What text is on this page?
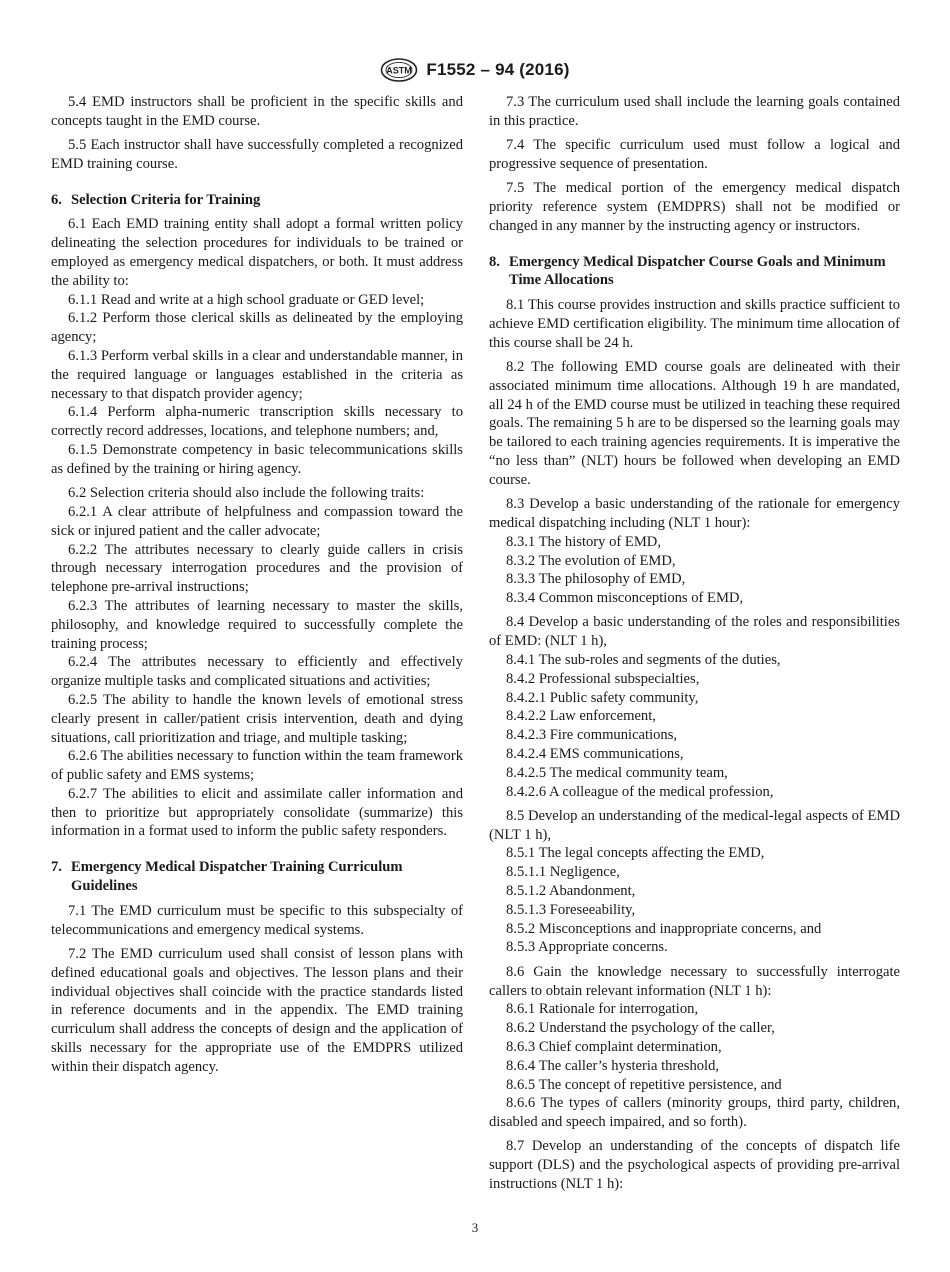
ASTM F1552 – 94 (2016)

5.4 EMD instructors shall be proficient in the specific skills and concepts taught in the EMD course.

5.5 Each instructor shall have successfully completed a recognized EMD training course.

6. Selection Criteria for Training

6.1 Each EMD training entity shall adopt a formal written policy delineating the selection procedures for individuals to be trained or employed as emergency medical dispatchers, or both. It must address the ability to:

6.1.1 Read and write at a high school graduate or GED level;

6.1.2 Perform those clerical skills as delineated by the employing agency;

6.1.3 Perform verbal skills in a clear and understandable manner, in the required language or languages established in the criteria as necessary to that dispatch provider agency;

6.1.4 Perform alpha-numeric transcription skills necessary to correctly record addresses, locations, and telephone numbers; and,

6.1.5 Demonstrate competency in basic telecommunications skills as defined by the training or hiring agency.

6.2 Selection criteria should also include the following traits:

6.2.1 A clear attribute of helpfulness and compassion toward the sick or injured patient and the caller advocate;

6.2.2 The attributes necessary to clearly guide callers in crisis through necessary interrogation procedures and the provision of telephone pre-arrival instructions;

6.2.3 The attributes of learning necessary to master the skills, philosophy, and knowledge required to successfully complete the training process;

6.2.4 The attributes necessary to efficiently and effectively organize multiple tasks and complicated situations and activities;

6.2.5 The ability to handle the known levels of emotional stress clearly present in caller/patient crisis intervention, death and dying situations, call prioritization and triage, and multiple tasking;

6.2.6 The abilities necessary to function within the team framework of public safety and EMS systems;

6.2.7 The abilities to elicit and assimilate caller information and then to prioritize but appropriately consolidate (summarize) this information in a format used to inform the public safety responders.

7. Emergency Medical Dispatcher Training Curriculum Guidelines

7.1 The EMD curriculum must be specific to this subspecialty of telecommunications and emergency medical systems.

7.2 The EMD curriculum used shall consist of lesson plans with defined educational goals and objectives. The lesson plans and their individual objectives shall coincide with the practice standards listed in reference documents and in the appendix. The EMD training curriculum shall address the concepts of design and the application of skills necessary for the appropriate use of the EMDPRS utilized within their dispatch agency.

7.3 The curriculum used shall include the learning goals contained in this practice.

7.4 The specific curriculum used must follow a logical and progressive sequence of presentation.

7.5 The medical portion of the emergency medical dispatch priority reference system (EMDPRS) shall not be modified or changed in any manner by the instructing agency or instructors.

8. Emergency Medical Dispatcher Course Goals and Minimum Time Allocations

8.1 This course provides instruction and skills practice sufficient to achieve EMD certification eligibility. The minimum time allocation of this course shall be 24 h.

8.2 The following EMD course goals are delineated with their associated minimum time allocations. Although 19 h are mandated, all 24 h of the EMD course must be utilized in teaching these required goals. The remaining 5 h are to be dispersed so the learning goals may be tailored to each training agencies requirements. It is imperative the “no less than” (NLT) hours be followed when developing an EMD course.

8.3 Develop a basic understanding of the rationale for emergency medical dispatching including (NLT 1 hour):

8.3.1 The history of EMD,

8.3.2 The evolution of EMD,

8.3.3 The philosophy of EMD,

8.3.4 Common misconceptions of EMD,

8.4 Develop a basic understanding of the roles and responsibilities of EMD: (NLT 1 h),

8.4.1 The sub-roles and segments of the duties,

8.4.2 Professional subspecialties,

8.4.2.1 Public safety community,

8.4.2.2 Law enforcement,

8.4.2.3 Fire communications,

8.4.2.4 EMS communications,

8.4.2.5 The medical community team,

8.4.2.6 A colleague of the medical profession,

8.5 Develop an understanding of the medical-legal aspects of EMD (NLT 1 h),

8.5.1 The legal concepts affecting the EMD,

8.5.1.1 Negligence,

8.5.1.2 Abandonment,

8.5.1.3 Foreseeability,

8.5.2 Misconceptions and inappropriate concerns, and

8.5.3 Appropriate concerns.

8.6 Gain the knowledge necessary to successfully interrogate callers to obtain relevant information (NLT 1 h):

8.6.1 Rationale for interrogation,

8.6.2 Understand the psychology of the caller,

8.6.3 Chief complaint determination,

8.6.4 The caller’s hysteria threshold,

8.6.5 The concept of repetitive persistence, and

8.6.6 The types of callers (minority groups, third party, children, disabled and speech impaired, and so forth).

8.7 Develop an understanding of the concepts of dispatch life support (DLS) and the psychological aspects of providing pre-arrival instructions (NLT 1 h):

3
